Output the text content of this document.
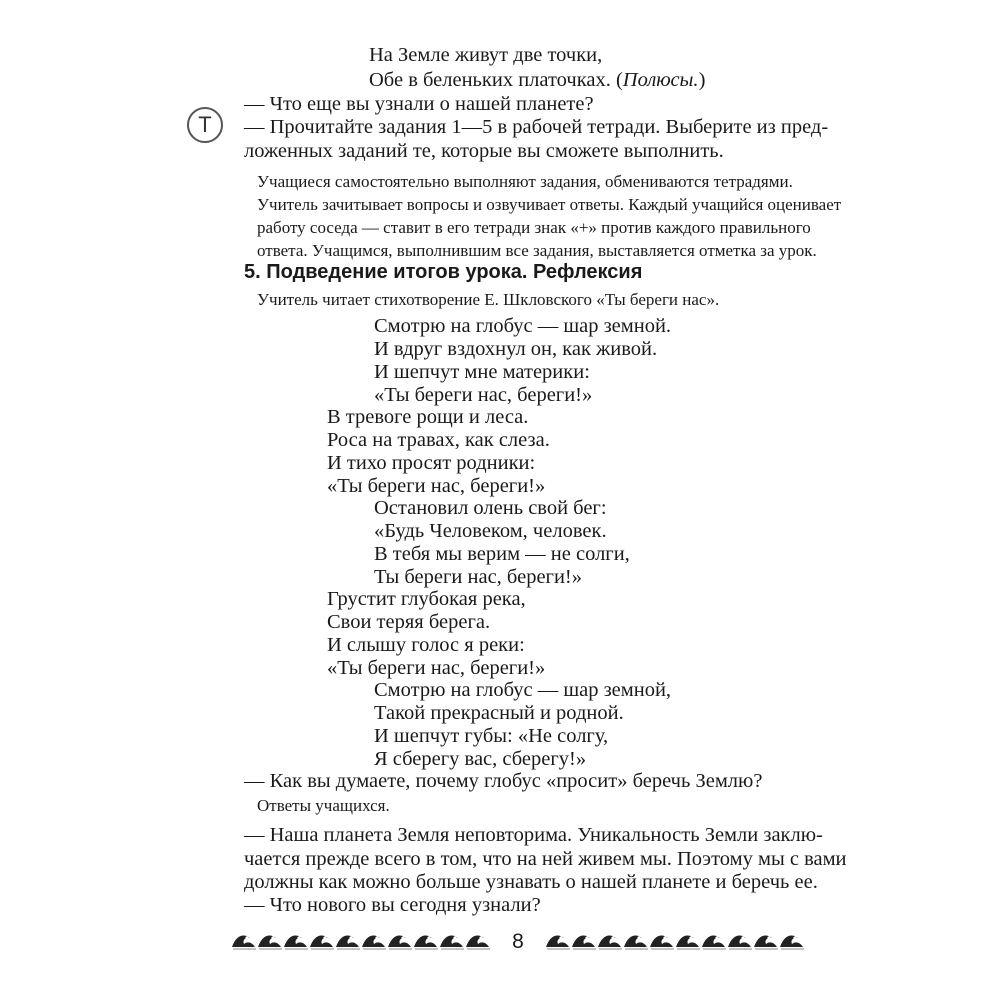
На Земле живут две точки,
Обе в беленьких платочках. (Полюсы.)
— Что еще вы узнали о нашей планете?
Т	— Прочитайте задания 1—5 в рабочей тетради. Выберите из пред-
ложенных заданий те, которые вы сможете выполнить.
Учащиеся самостоятельно выполняют задания, обмениваются тетрадями.
Учитель зачитывает вопросы и озвучивает ответы. Каждый учащийся оценивает
работу соседа — ставит в его тетради знак «+» против каждого правильного
ответа. Учащимся, выполнившим все задания, выставляется отметка за урок.
5. Подведение итогов урока. Рефлексия
Учитель читает стихотворение Е. Шкловского «Ты береги нас».
Смотрю на глобус — шар земной.
И вдруг вздохнул он, как живой.
И шепчут мне материки:
«Ты береги нас, береги!»
В тревоге рощи и леса.
Роса на травах, как слеза.
И тихо просят родники:
«Ты береги нас, береги!»
Остановил олень свой бег:
«Будь Человеком, человек.
В тебя мы верим — не солги,
Ты береги нас, береги!»
Грустит глубокая река,
Свои теряя берега.
И слышу голос я реки:
«Ты береги нас, береги!»
Смотрю на глобус — шар земной,
Такой прекрасный и родной.
И шепчут губы: «Не солгу,
Я сберегу вас, сберегу!»
— Как вы думаете, почему глобус «просит» беречь Землю?
Ответы учащихся.
— Наша планета Земля неповторима. Уникальность Земли заклю-
чается прежде всего в том, что на ней живем мы. Поэтому мы с вами
должны как можно больше узнавать о нашей планете и беречь ее.
— Что нового вы сегодня узнали?
8
